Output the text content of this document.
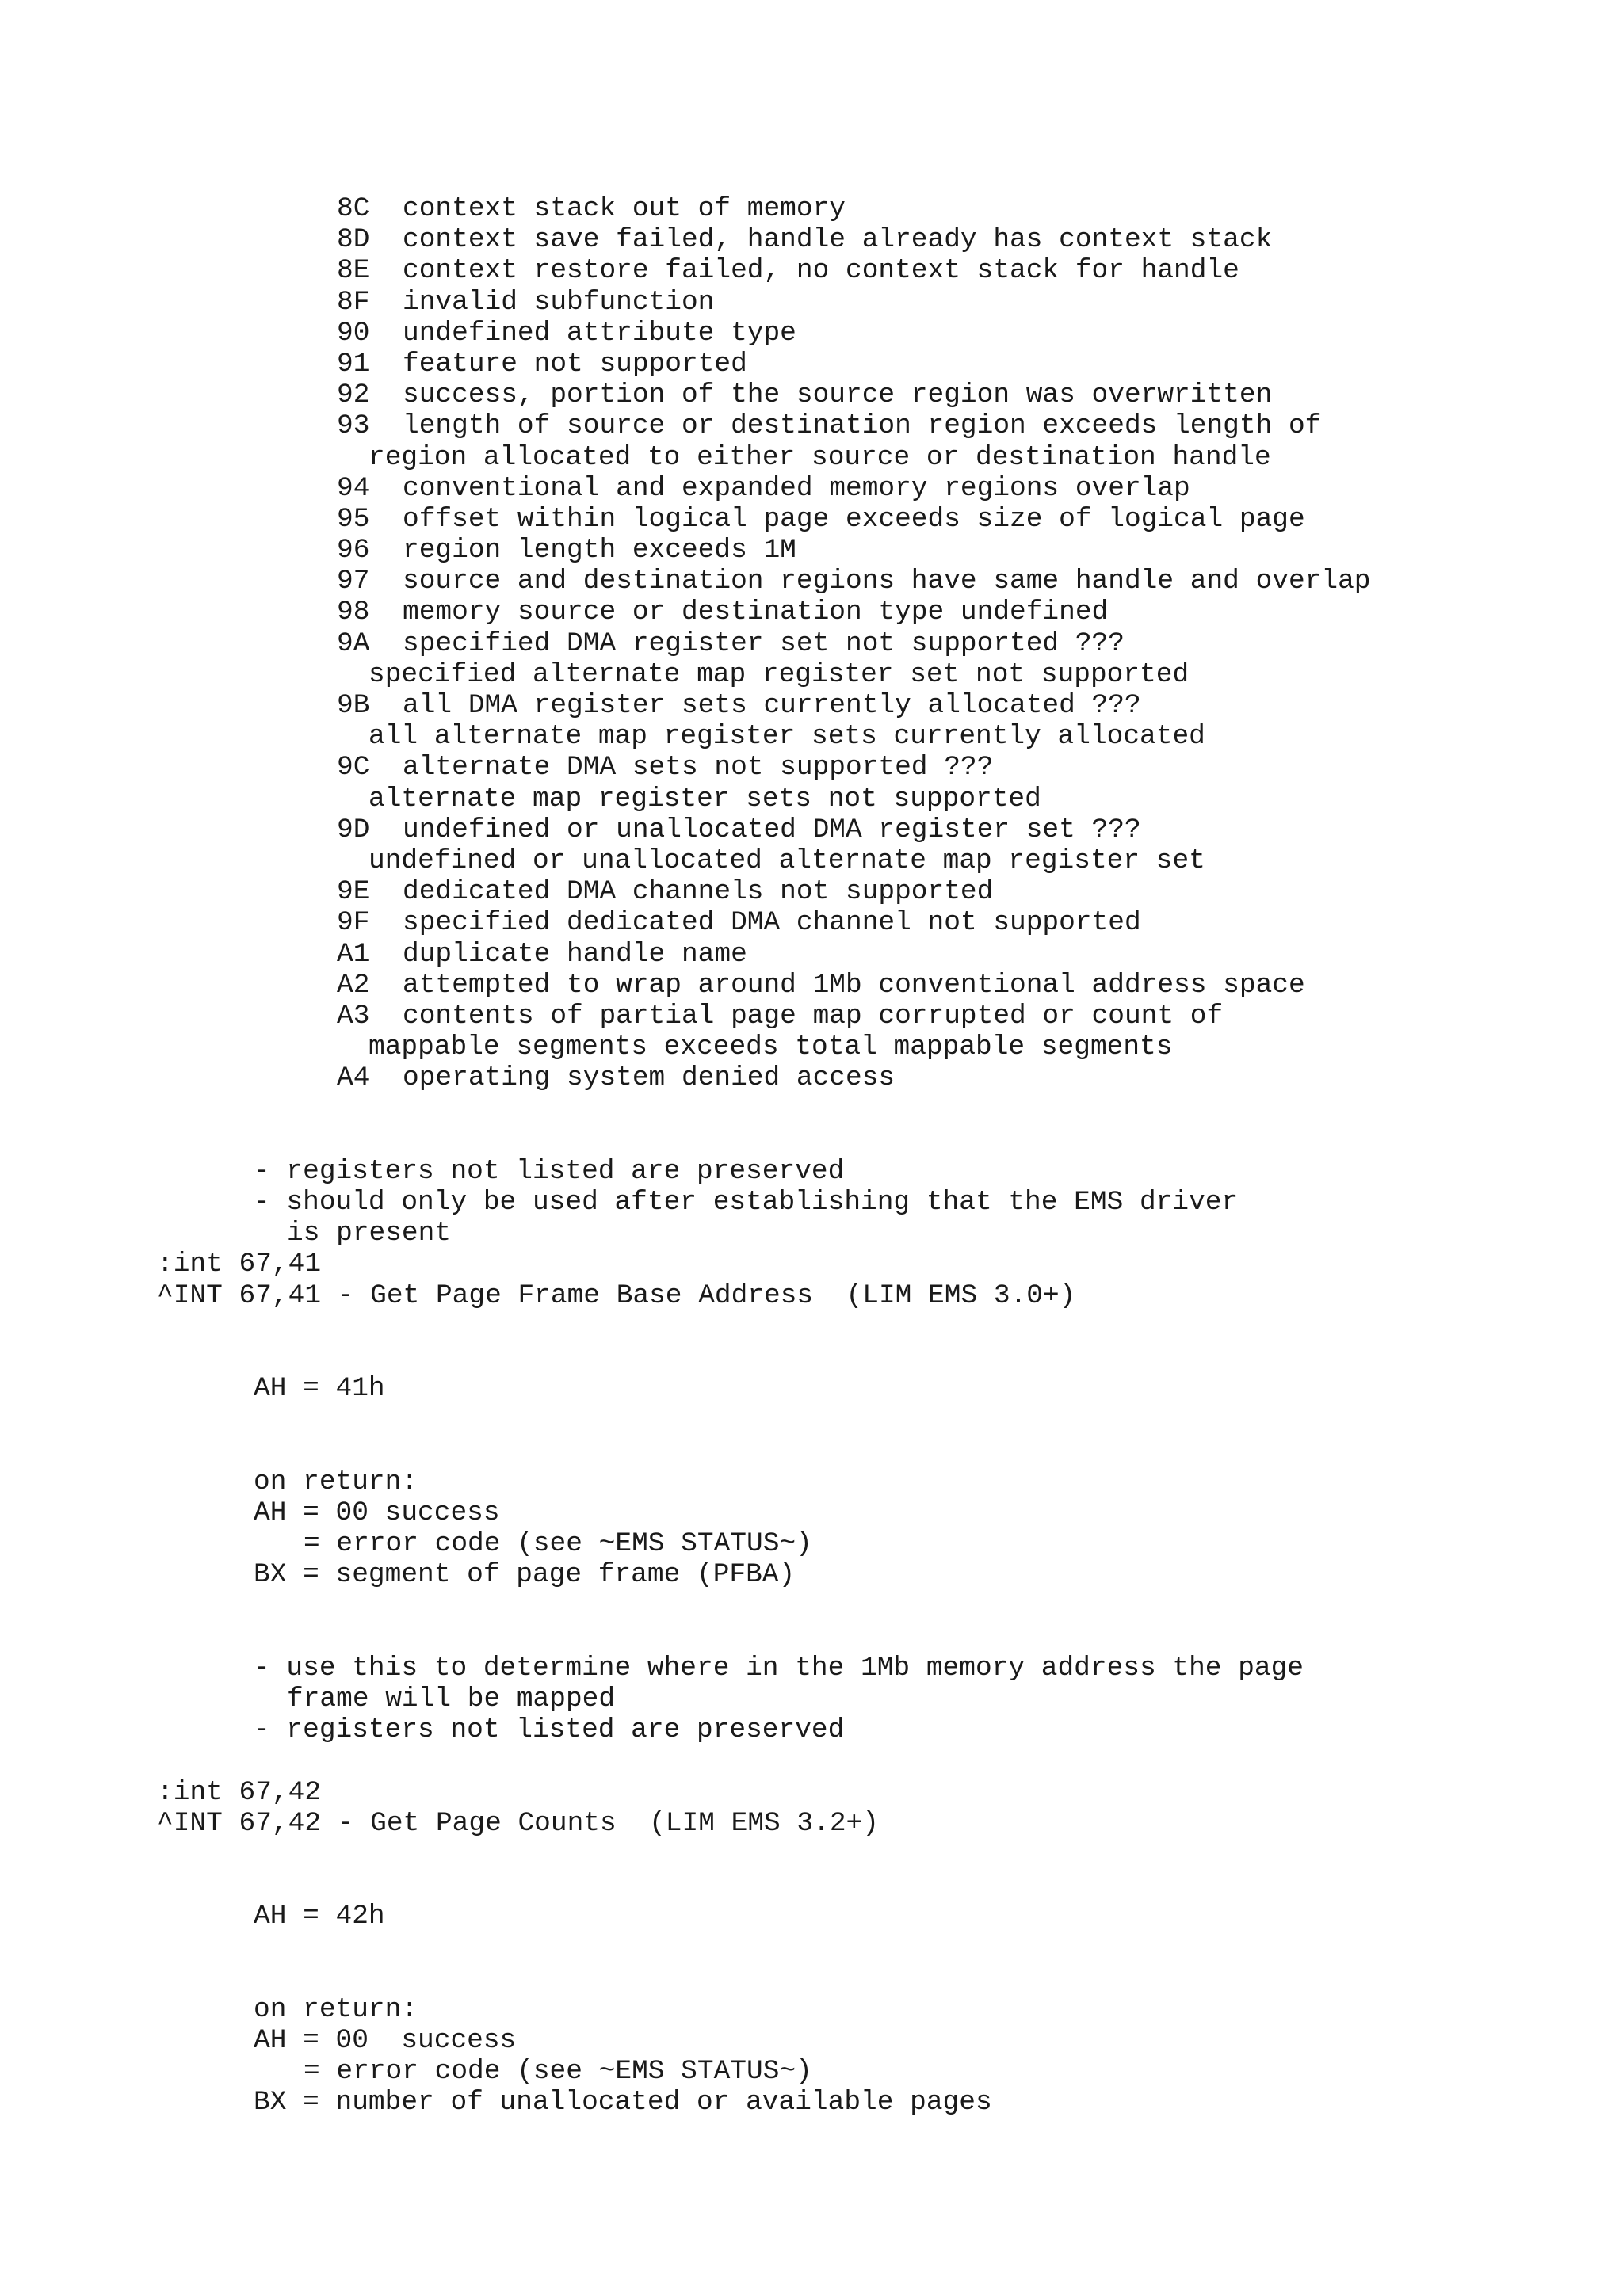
8C context stack out of memory
8D context save failed, handle already has context stack
8E context restore failed, no context stack for handle
8F invalid subfunction
90 undefined attribute type
91 feature not supported
92 success, portion of the source region was overwritten
93 length of source or destination region exceeds length of
region allocated to either source or destination handle
94 conventional and expanded memory regions overlap
95 offset within logical page exceeds size of logical page
96 region length exceeds 1M
97 source and destination regions have same handle and overlap
98 memory source or destination type undefined
9A specified DMA register set not supported ???
specified alternate map register set not supported
9B all DMA register sets currently allocated ???
all alternate map register sets currently allocated
9C alternate DMA sets not supported ???
alternate map register sets not supported
9D undefined or unallocated DMA register set ???
undefined or unallocated alternate map register set
9E dedicated DMA channels not supported
9F specified dedicated DMA channel not supported
A1 duplicate handle name
A2 attempted to wrap around 1Mb conventional address space
A3 contents of partial page map corrupted or count of
mappable segments exceeds total mappable segments
A4 operating system denied access
- registers not listed are preserved
- should only be used after establishing that the EMS driver
is present
:int 67,41
^INT 67,41 - Get Page Frame Base Address  (LIM EMS 3.0+)
AH = 41h
on return:
AH = 00 success
= error code (see ~EMS STATUS~)
BX = segment of page frame (PFBA)
- use this to determine where in the 1Mb memory address the page
frame will be mapped
- registers not listed are preserved
:int 67,42
^INT 67,42 - Get Page Counts  (LIM EMS 3.2+)
AH = 42h
on return:
AH = 00  success
= error code (see ~EMS STATUS~)
BX = number of unallocated or available pages
